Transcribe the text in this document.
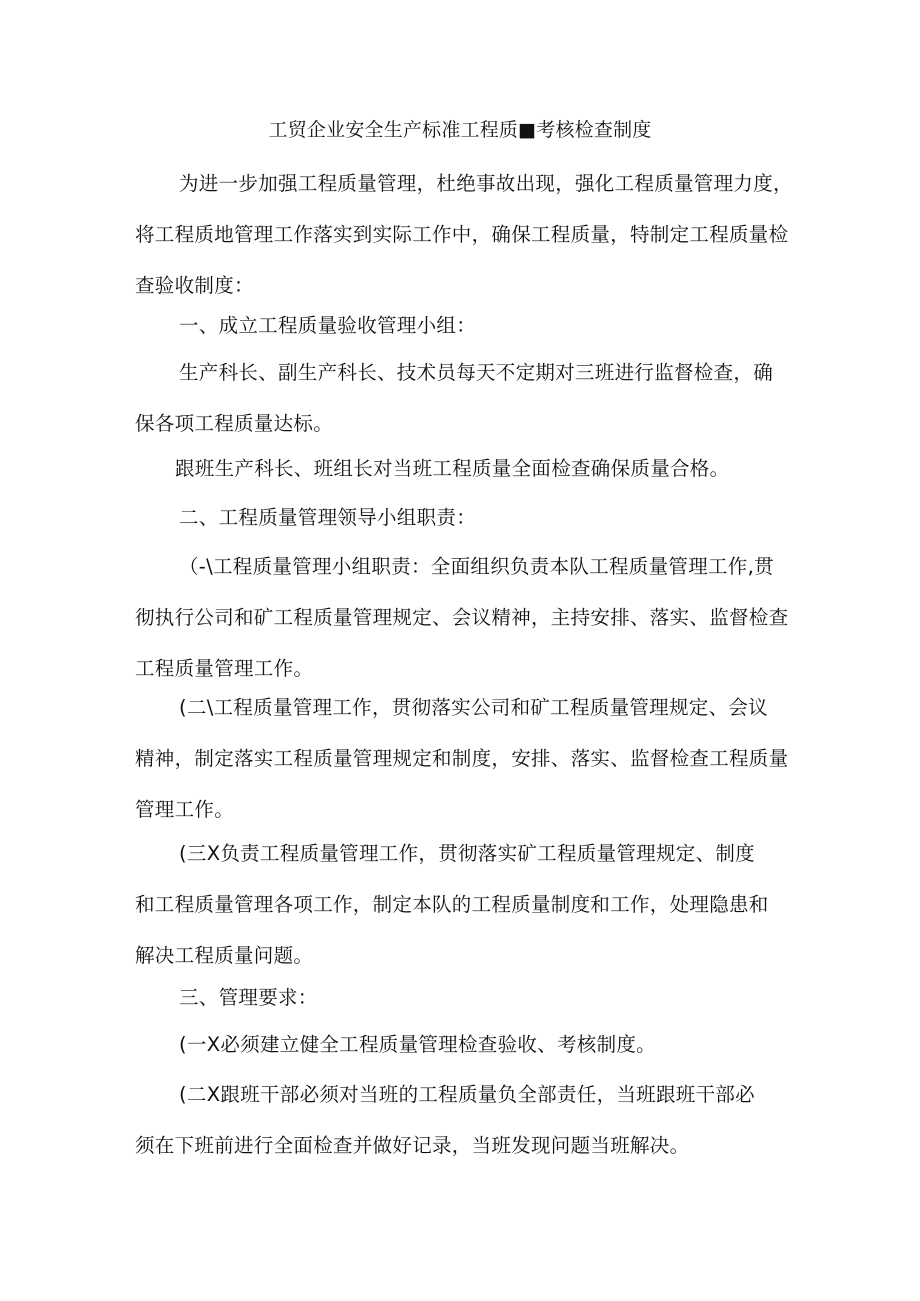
工贸企业安全生产标准工程质■考核检查制度
为进一步加强工程质量管理，杜绝事故出现，强化工程质量管理力度，
将工程质地管理工作落实到实际工作中，确保工程质量，特制定工程质量检
查验收制度：
一、成立工程质量验收管理小组：
生产科长、副生产科长、技术员每天不定期对三班进行监督检查，确
保各项工程质量达标。
跟班生产科长、班组长对当班工程质量全面检查确保质量合格。
二、工程质量管理领导小组职责：
（-\工程质量管理小组职责：全面组织负责本队工程质量管理工作,贯
彻执行公司和矿工程质量管理规定、会议精神，主持安排、落实、监督检查
工程质量管理工作。
(二\工程质量管理工作，贯彻落实公司和矿工程质量管理规定、会议
精神，制定落实工程质量管理规定和制度，安排、落实、监督检查工程质量
管理工作。
(三X负责工程质量管理工作，贯彻落实矿工程质量管理规定、制度
和工程质量管理各项工作，制定本队的工程质量制度和工作，处理隐患和
解决工程质量问题。
三、管理要求：
(一X必须建立健全工程质量管理检查验收、考核制度。
(二X跟班干部必须对当班的工程质量负全部责任，当班跟班干部必
须在下班前进行全面检查并做好记录，当班发现问题当班解决。
